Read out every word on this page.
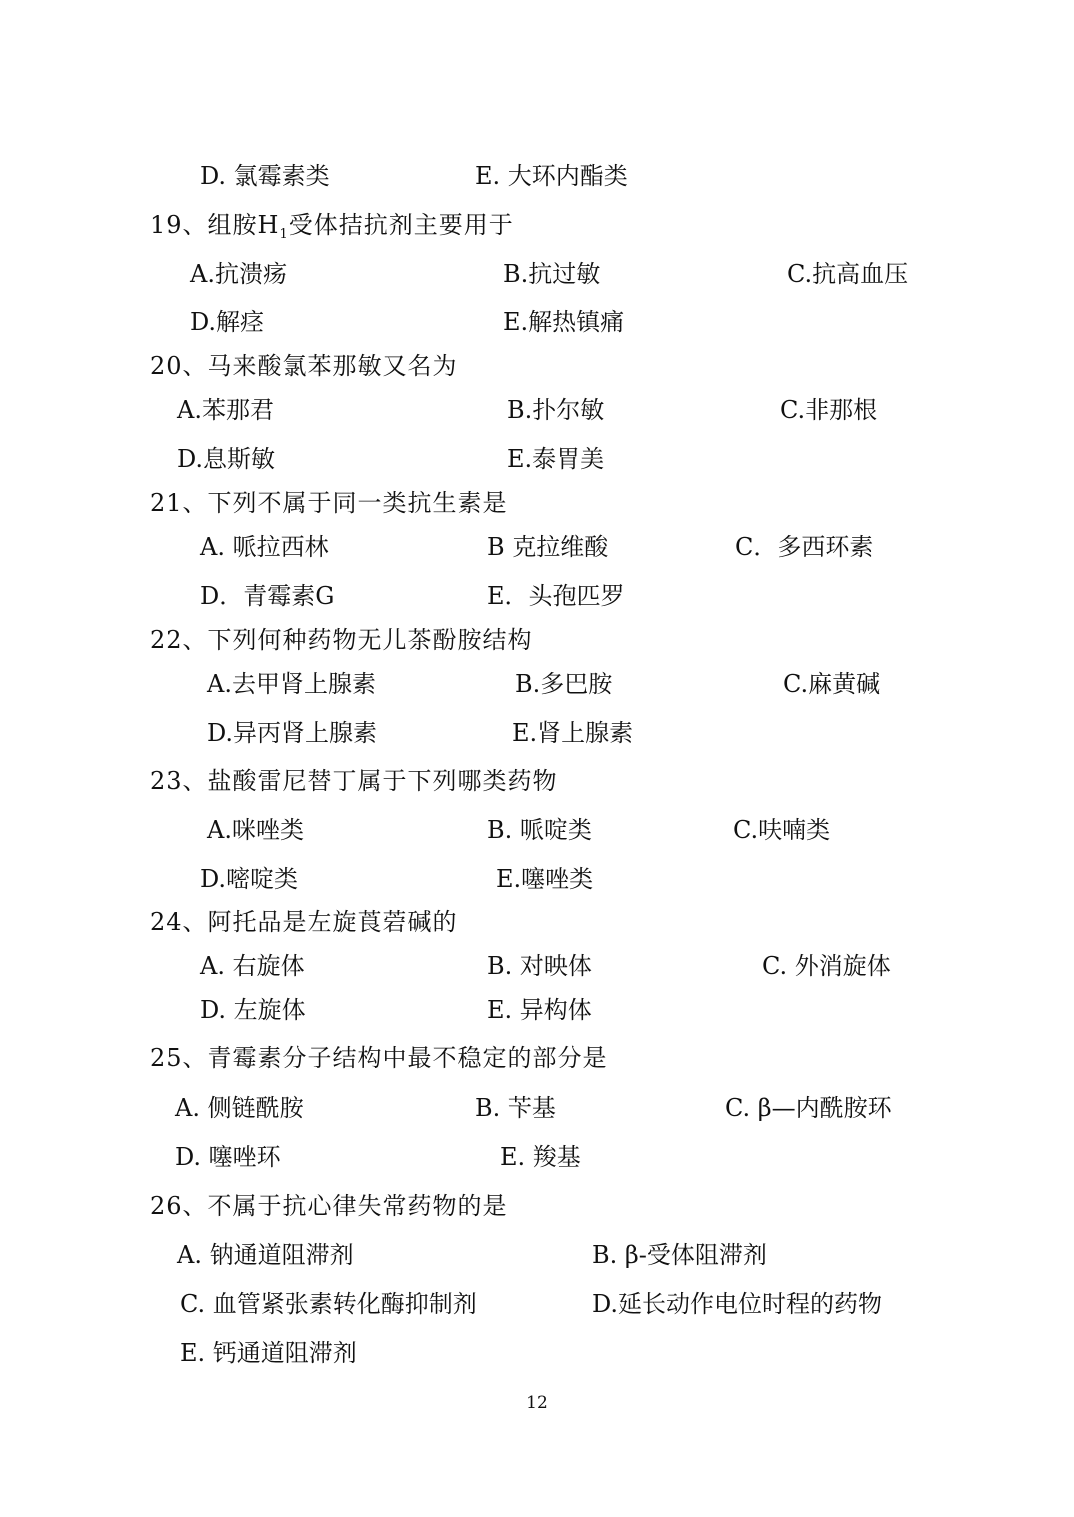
D. 氯霉素类	E. 大环内酯类
19、组胺$H_1$受体拮抗剂主要用于
A.抗溃疡	B.抗过敏	C.抗高血压
D.解痉	E.解热镇痛
20、马来酸氯苯那敏又名为
A.苯那君	B.扑尔敏	C.非那根
D.息斯敏	E.泰胃美
21、下列不属于同一类抗生素是
A. 哌拉西林	B 克拉维酸	C．多西环素
D．青霉素G	E．头孢匹罗
22、下列何种药物无儿茶酚胺结构
A.去甲肾上腺素	B.多巴胺	C.麻黄碱
D.异丙肾上腺素	E.肾上腺素
23、盐酸雷尼替丁属于下列哪类药物
A.咪唑类	B. 哌啶类	C.呋喃类
D.嘧啶类	E.噻唑类
24、阿托品是左旋莨菪碱的
A. 右旋体	B. 对映体	C. 外消旋体
D. 左旋体	E. 异构体
25、青霉素分子结构中最不稳定的部分是
A. 侧链酰胺	B. 苄基	C. β—内酰胺环
D. 噻唑环	E. 羧基
26、不属于抗心律失常药物的是
A. 钠通道阻滞剂	B. β-受体阻滞剂
C. 血管紧张素转化酶抑制剂	D.延长动作电位时程的药物
E. 钙通道阻滞剂
12
